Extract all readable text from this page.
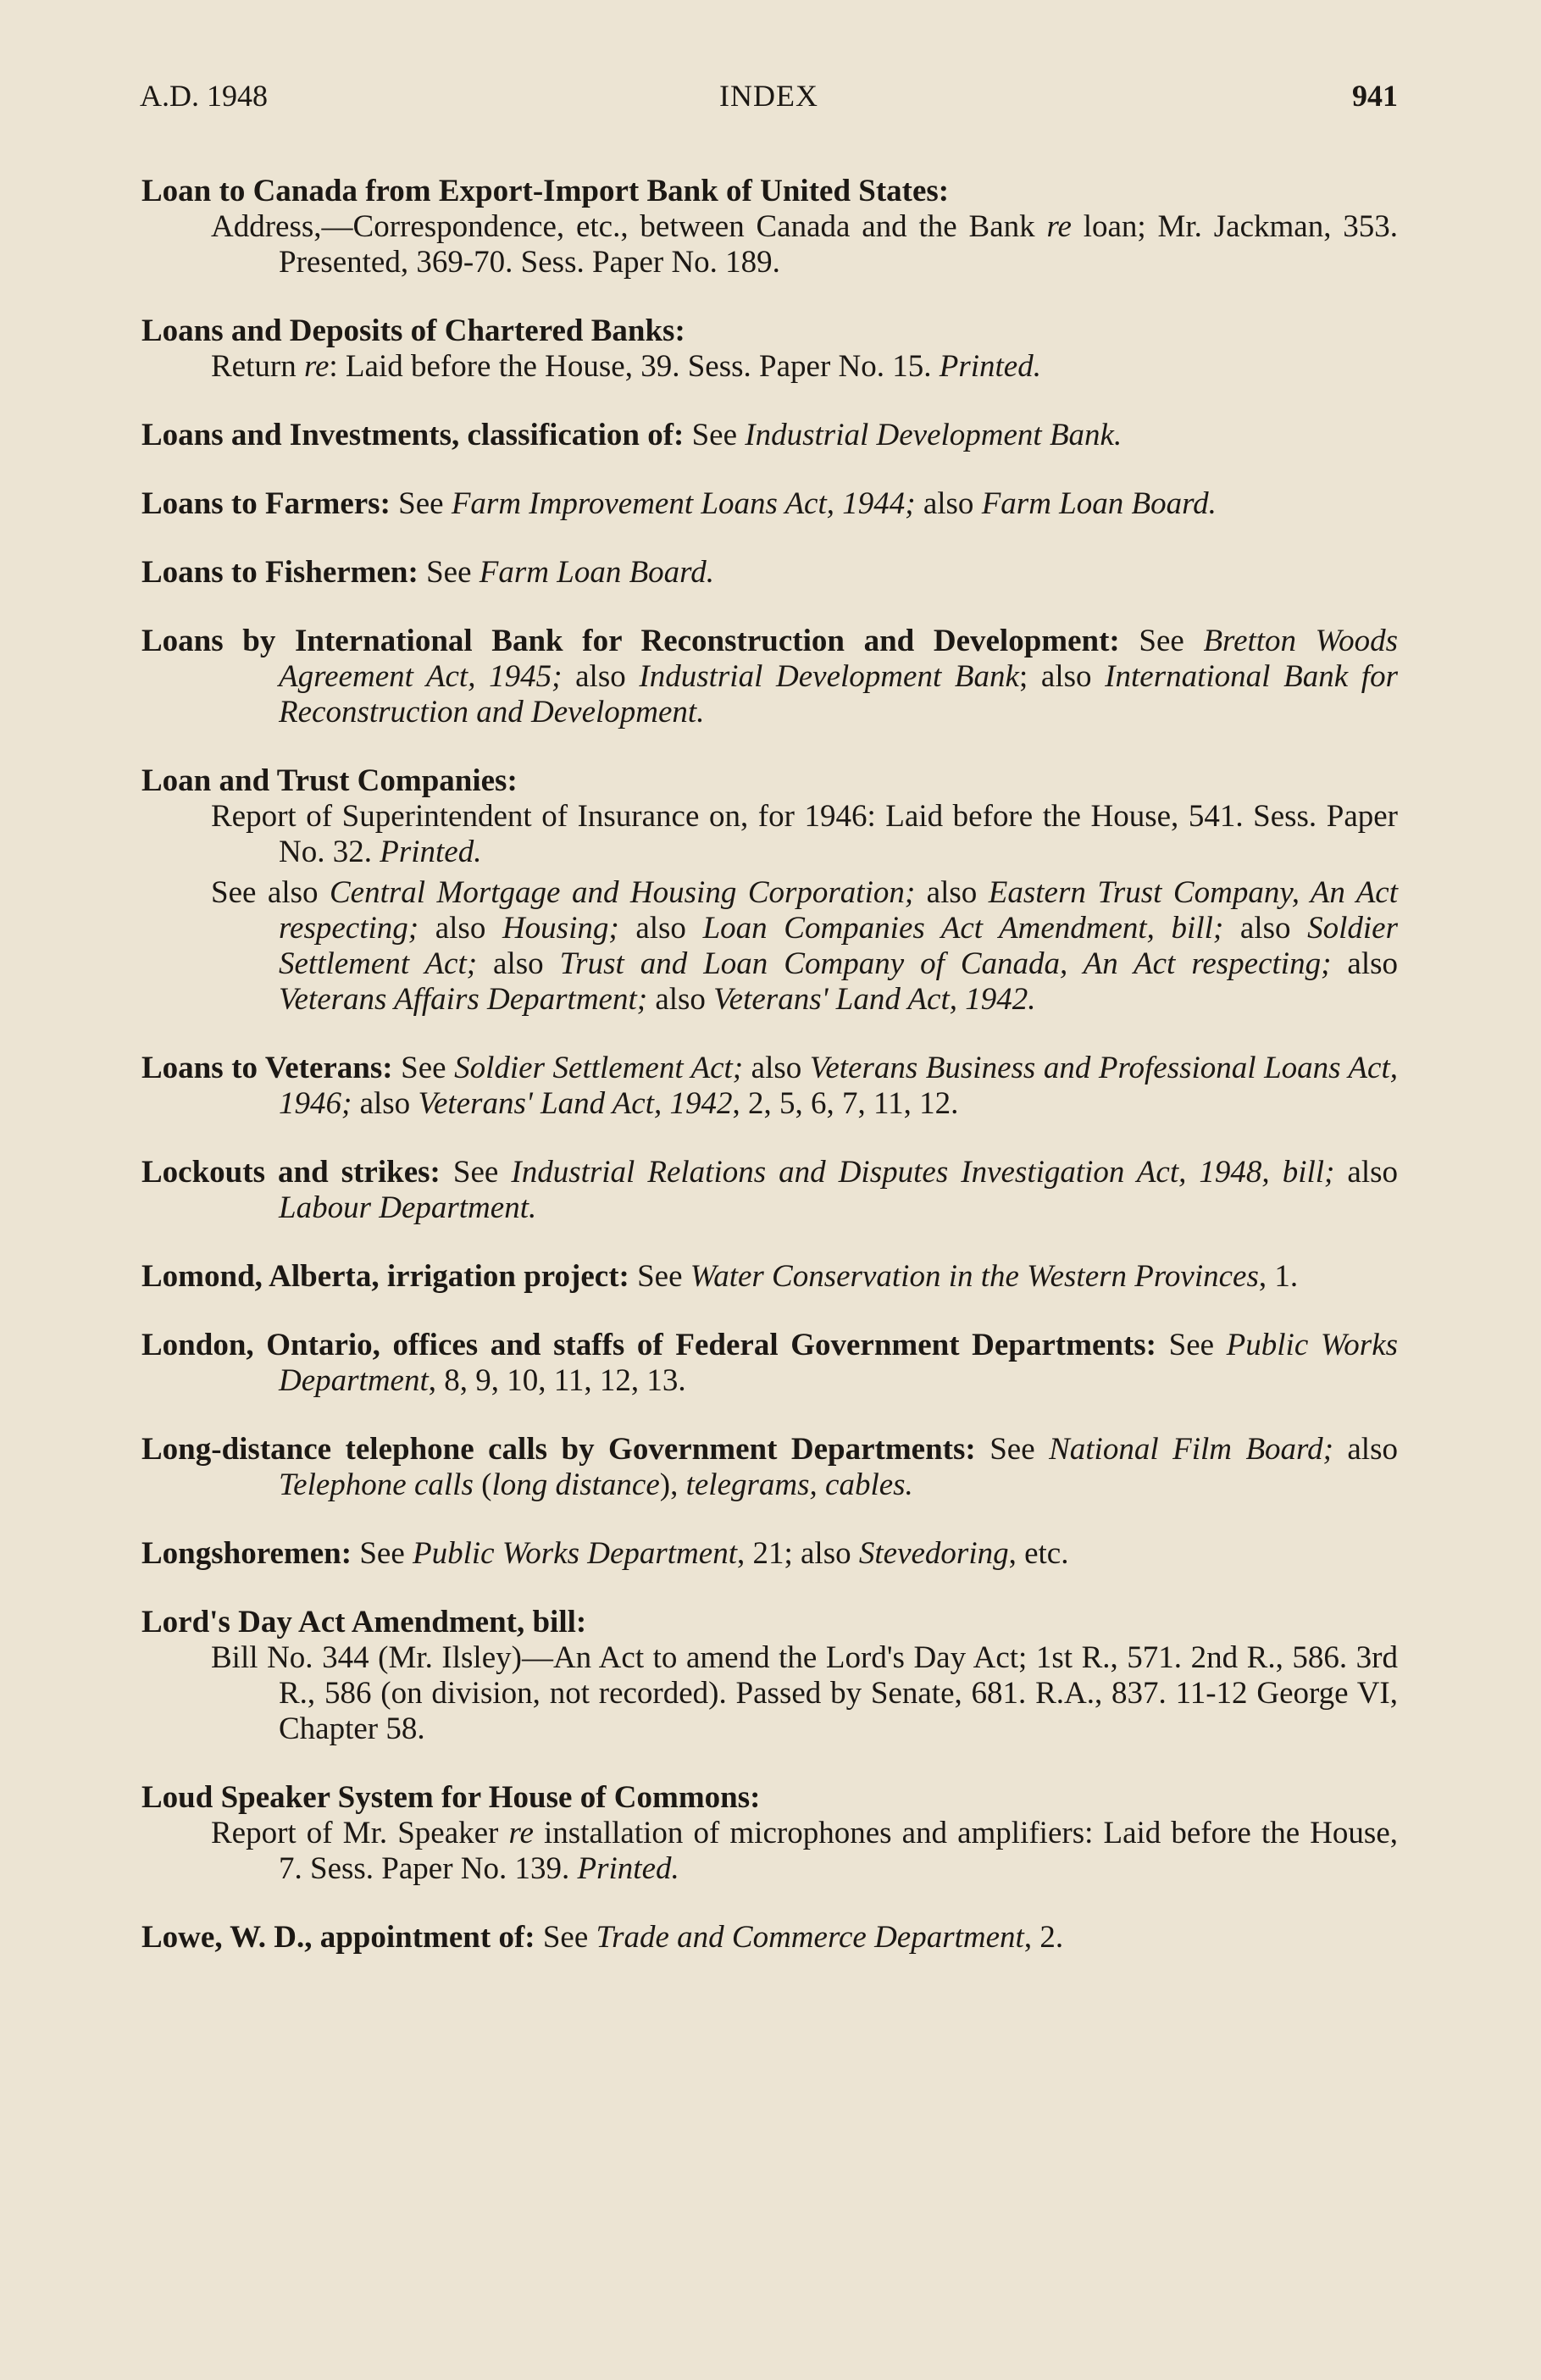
A.D. 1948	INDEX	941
Loan to Canada from Export-Import Bank of United States:
Address,—Correspondence, etc., between Canada and the Bank re loan; Mr. Jackman, 353. Presented, 369-70. Sess. Paper No. 189.
Loans and Deposits of Chartered Banks:
Return re: Laid before the House, 39. Sess. Paper No. 15. Printed.
Loans and Investments, classification of: See Industrial Development Bank.
Loans to Farmers: See Farm Improvement Loans Act, 1944; also Farm Loan Board.
Loans to Fishermen: See Farm Loan Board.
Loans by International Bank for Reconstruction and Development: See Bretton Woods Agreement Act, 1945; also Industrial Development Bank; also International Bank for Reconstruction and Development.
Loan and Trust Companies:
Report of Superintendent of Insurance on, for 1946: Laid before the House, 541. Sess. Paper No. 32. Printed.
See also Central Mortgage and Housing Corporation; also Eastern Trust Company, An Act respecting; also Housing; also Loan Companies Act Amendment, bill; also Soldier Settlement Act; also Trust and Loan Company of Canada, An Act respecting; also Veterans Affairs Department; also Veterans' Land Act, 1942.
Loans to Veterans: See Soldier Settlement Act; also Veterans Business and Professional Loans Act, 1946; also Veterans' Land Act, 1942, 2, 5, 6, 7, 11, 12.
Lockouts and strikes: See Industrial Relations and Disputes Investigation Act, 1948, bill; also Labour Department.
Lomond, Alberta, irrigation project: See Water Conservation in the Western Provinces, 1.
London, Ontario, offices and staffs of Federal Government Departments: See Public Works Department, 8, 9, 10, 11, 12, 13.
Long-distance telephone calls by Government Departments: See National Film Board; also Telephone calls (long distance), telegrams, cables.
Longshoremen: See Public Works Department, 21; also Stevedoring, etc.
Lord's Day Act Amendment, bill:
Bill No. 344 (Mr. Ilsley)—An Act to amend the Lord's Day Act; 1st R., 571. 2nd R., 586. 3rd R., 586 (on division, not recorded). Passed by Senate, 681. R.A., 837. 11-12 George VI, Chapter 58.
Loud Speaker System for House of Commons:
Report of Mr. Speaker re installation of microphones and amplifiers: Laid before the House, 7. Sess. Paper No. 139. Printed.
Lowe, W. D., appointment of: See Trade and Commerce Department, 2.
